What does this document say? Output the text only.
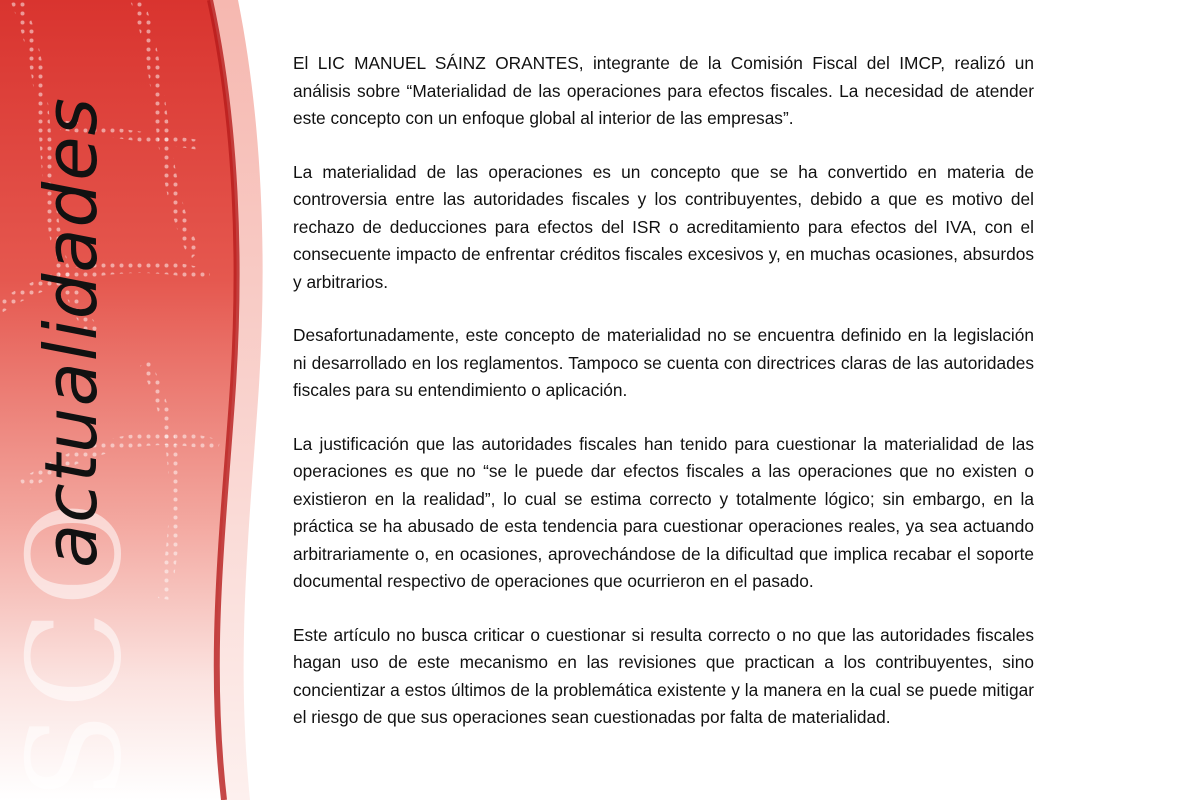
SCO
actualidades

El LIC MANUEL SÁINZ ORANTES, integrante de la Comisión Fiscal del IMCP, realizó un análisis sobre “Materialidad de las operaciones para efectos fiscales. La necesidad de atender este concepto con un enfoque global al interior de las empresas”.

La materialidad de las operaciones es un concepto que se ha convertido en materia de controversia entre las autoridades fiscales y los contribuyentes, debido a que es motivo del rechazo de deducciones para efectos del ISR o acreditamiento para efectos del IVA, con el consecuente impacto de enfrentar créditos fiscales excesivos y, en muchas ocasiones, absurdos y arbitrarios.

Desafortunadamente, este concepto de materialidad no se encuentra definido en la legislación ni desarrollado en los reglamentos. Tampoco se cuenta con directrices claras de las autoridades fiscales para su entendimiento o aplicación.

La justificación que las autoridades fiscales han tenido para cuestionar la materialidad de las operaciones es que no “se le puede dar efectos fiscales a las operaciones que no existen o existieron en la realidad”, lo cual se estima correcto y totalmente lógico; sin embargo, en la práctica se ha abusado de esta tendencia para cuestionar operaciones reales, ya sea actuando arbitrariamente o, en ocasiones, aprovechándose de la dificultad que implica recabar el soporte documental respectivo de operaciones que ocurrieron en el pasado.

Este artículo no busca criticar o cuestionar si resulta correcto o no que las autoridades fiscales hagan uso de este mecanismo en las revisiones que practican a los contribuyentes, sino concientizar a estos últimos de la problemática existente y la manera en la cual se puede mitigar el riesgo de que sus operaciones sean cuestionadas por falta de materialidad.
